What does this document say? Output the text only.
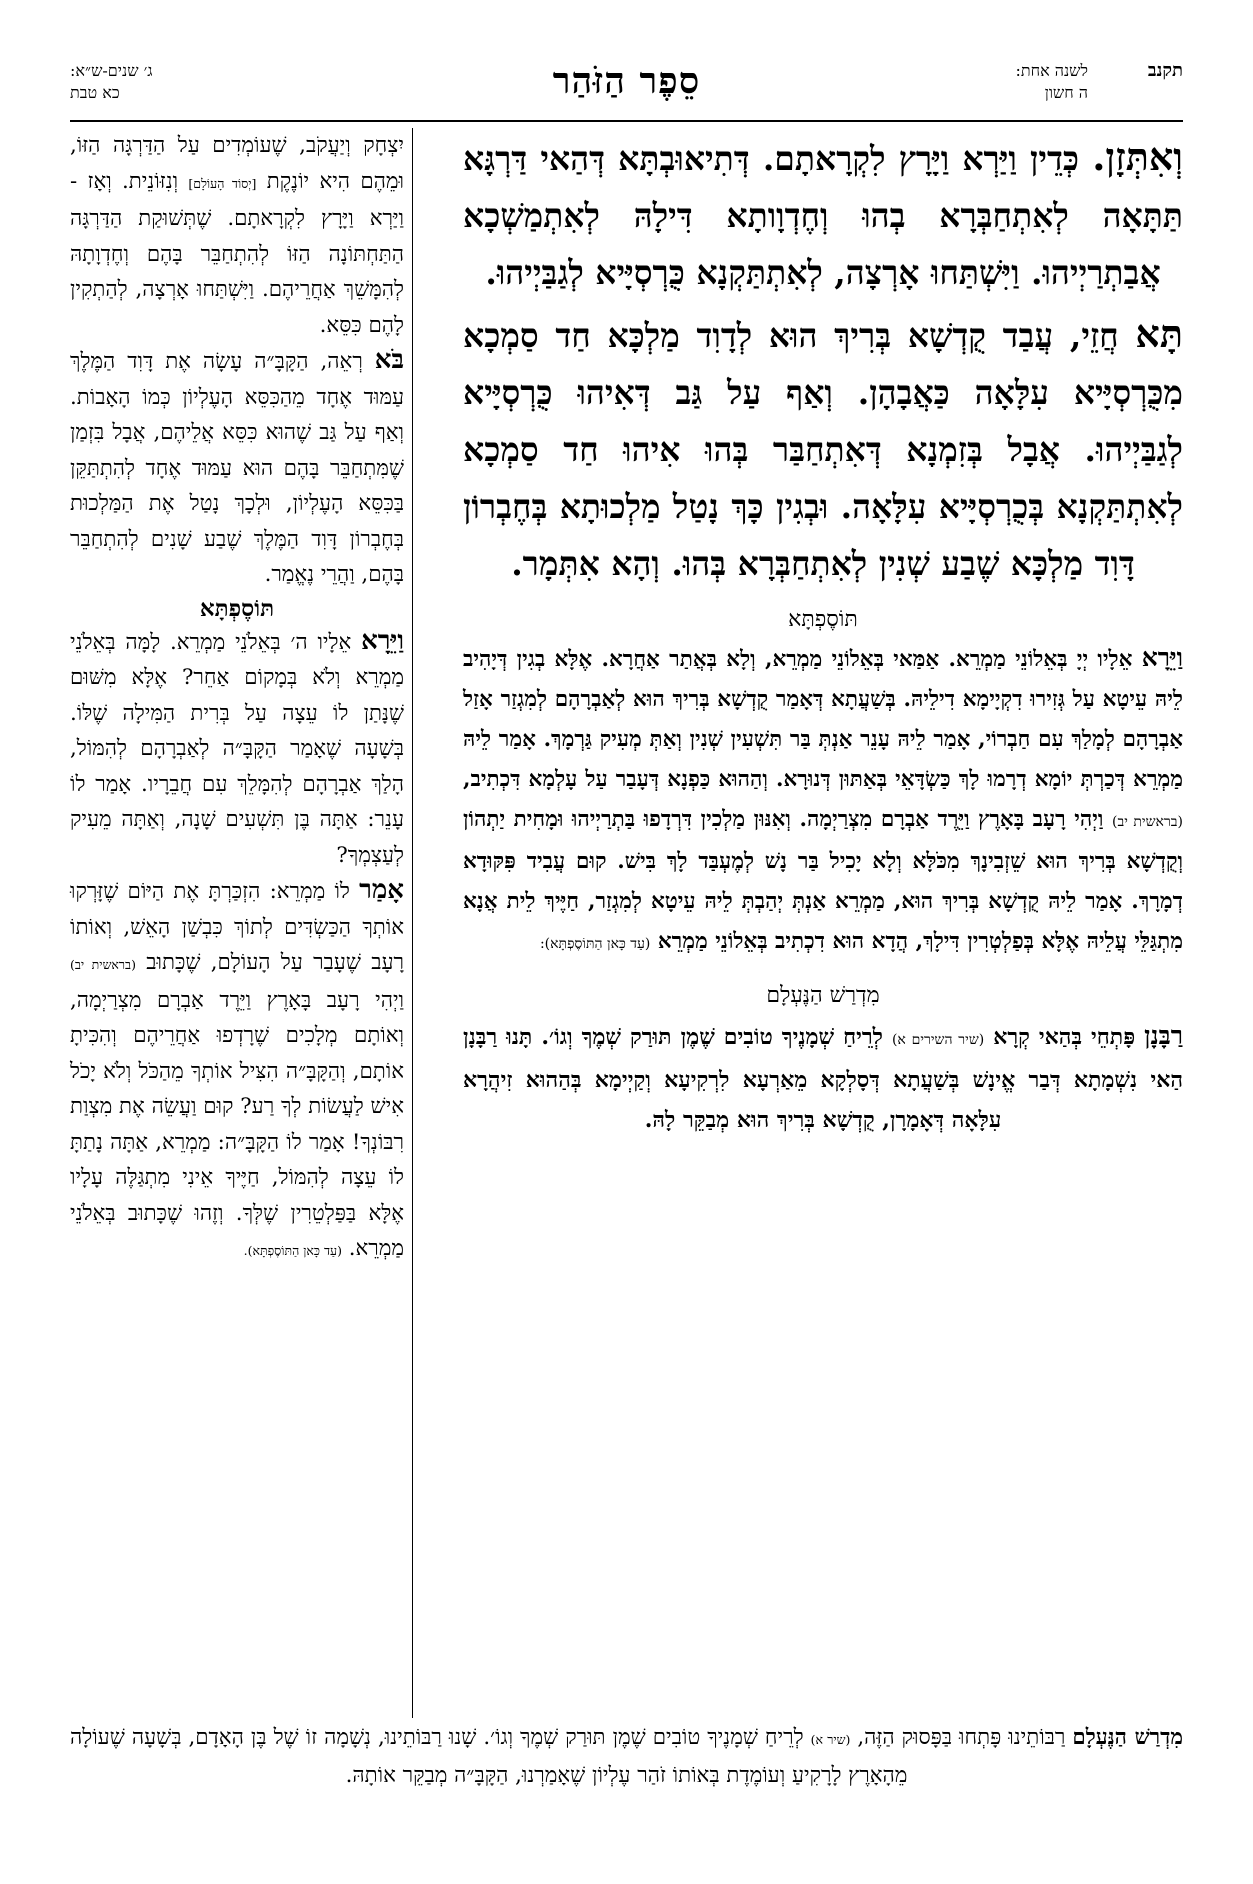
תקנב
לשנה אחת:
ה חשון
סֵפֶר הַזֹּהַר
ג׳ שנים-ש״א:
כא טבת

וְאִתְּזָן. כְּדֵין וַיַּרְא וַיָּרָץ לִקְרָאתָם. דְּתִיאוּבְתָּא דְּהַאי דַּרְגָּא תַּתָּאָה לְאִתְחַבְּרָא בְהוּ וְחֶדְוָותָא דִּילָהּ לְאִתְמַשְׁכָא אֲבַתְרַיְיהוּ. וַיִּשְׁתַּחוּ אָרְצָה, לְאִתְתַּקְנָא כֻּרְסְיָּיא לְגַבַּיְיהוּ.

תָּא חֲזֵי, עֲבַד קֻדְשָׁא בְּרִיךְ הוּא לְדָוִד מַלְכָּא חַד סַמְכָא מִכֻּרְסְיָּיא עִלָּאָה כַּאֲבָהָן. וְאַף עַל גַּב דְּאִיהוּ כֻּרְסְיָּיא לְגַבַּיְיהוּ. אֲבָל בְּזִמְנָא דְּאִתְחַבַּר בְּהוּ אִיהוּ חַד סַמְכָא לְאִתְתַּקְנָא בְּכֻרְסְיָּיא עִלָּאָה. וּבְגִין כָּךְ נָטַל מַלְכוּתָא בְּחֶבְרוֹן דָּוִד מַלְכָּא שֶׁבַע שְׁנִין לְאִתְחַבְּרָא בְּהוּ. וְהָא אִתְּמָר.

תּוֹסֶפְתָּא

וַיֵּרָא אֵלָיו יְיָ בְּאֵלוֹנֵי מַמְרֵא. אַמַּאי בְּאֵלוֹנֵי מַמְרֵא, וְלָא בְּאֲתַר אַחֲרָא. אֶלָּא בְגִין דְּיָהִיב לֵיהּ עֵיטָא עַל גְּזִירוּ דִקְיָימָא דִילֵיהּ. בְּשַׁעֲתָא דְּאָמַר קֻדְשָׁא בְּרִיךְ הוּא לְאַבְרָהָם לְמִגְזַר אָזַל אַבְרָהָם לְמָלַךְ עִם חַבְרוֹי, אָמַר לֵיהּ עָנֵר אַנְתְּ בַּר תִּשְׁעִין שְׁנִין וְאַתְּ מְעִיק גַּרְמָךְ. אָמַר לֵיהּ מַמְרֵא דְּכַרְתְּ יוֹמָא דְרָמוּ לָךְ כַּשְׂדָּאֵי בְּאַתּוּן דְּנוּרָא. וְהַהוּא כַּפְנָא דְּעָבַר עַל עָלְמָא דִּכְתִיב, (בראשית יב) וַיְהִי רָעָב בָּאָרֶץ וַיֵּרֶד אַבְרָם מִצְרַיְמָה. וְאִנּוּן מַלְכִין דִּרְדָפוּ בַּתְרַיְיהוּ וּמָחִית יַתְהוֹן וְקֻדְשָׁא בְּרִיךְ הוּא שֵׁזְבִינָךְ מִכֹּלָּא וְלָא יָכִיל בַּר נָשׁ לְמֶעְבַּד לָךְ בִּישׁ. קוּם עֲבִיד פִּקּוּדָא דְמָרָךְ. אָמַר לֵיהּ קֻדְשָׁא בְּרִיךְ הוּא, מַמְרֵא אַנְתְּ יְהַבְתְּ לֵיהּ עֵיטָא לְמִגְזַר, חַיֶּיךְ לֵית אֲנָא מִתְגַּלֵּי עֲלֵיהּ אֶלָּא בְּפַלְטְרִין דִּילָךְ, הֲדָא הוּא דִכְתִיב בְּאֵלוֹנֵי מַמְרֵא (עַד כָּאן הַתּוֹסֶפְתָּא):

מִדְרַשׁ הַנֶּעְלָם

רַבָּנָן פָּתְחֵי בְּהַאי קְרָא (שיר השירים א) לְרֵיחַ שְׁמָנֶיךָ טוֹבִים שֶׁמֶן תּוּרַק שְׁמֶךָ וְגוֹ׳. תָּנוּ רַבָּנָן הַאי נִשְׁמָתָא דְּבַר אֱינָשׁ בְּשַׁעֲתָא דְּסָלְקָא מֵאַרְעָא לִרְקִיעָא וְקַיְימָא בְּהַהוּא זִיהֲרָא עִלָּאָה דְּאָמָרָן, קֻדְשָׁא בְּרִיךְ הוּא מְבַקֵּר לָהּ.

יִצְחָק וְיַעֲקֹב, שֶׁעוֹמְדִים עַל הַדַּרְגָּה הַזּוֹ, וּמֵהֶם הִיא יוֹנֶקֶת [יְסוֹד הָעוֹלָם] וְנִזּוֹנֵית. וְאָז - וַיַּרְא וַיָּרָץ לִקְרָאתָם. שֶׁתְּשׁוּקַת הַדַּרְגָּה הַתַּחְתּוֹנָה הַזּוֹ לְהִתְחַבֵּר בָּהֶם וְחֶדְוָתָהּ לְהִמָּשֵׁךְ אַחֲרֵיהֶם. וַיִּשְׁתַּחוּ אָרְצָה, לְהַתְקִין לָהֶם כִּסֵּא.

בֹּא רְאֵה, הַקָּבָּ״ה עָשָׂה אֶת דָּוִד הַמֶּלֶךְ עַמּוּד אֶחָד מֵהַכִּסֵּא הָעֶלְיוֹן כְּמוֹ הָאָבוֹת. וְאַף עַל גַּב שֶׁהוּא כִּסֵּא אֲלֵיהֶם, אֲבָל בִּזְמַן שֶׁמִּתְחַבֵּר בָּהֶם הוּא עַמּוּד אֶחָד לְהִתְתַּקֵּן בַּכִּסֵּא הָעֶלְיוֹן, וּלְכָךְ נָטַל אֶת הַמַּלְכוּת בְּחֶבְרוֹן דָּוִד הַמֶּלֶךְ שֶׁבַע שָׁנִים לְהִתְחַבֵּר בָּהֶם, וַהֲרֵי נֶאֱמַר.

תּוֹסֶפְתָּא

וַיֵּרָא אֵלָיו ה׳ בְּאֵלֹנֵי מַמְרֵא. לָמָּה בְּאֵלֹנֵי מַמְרֵא וְלֹא בְּמָקוֹם אַחֵר? אֶלָּא מִשּׁוּם שֶׁנָּתַן לוֹ עֵצָה עַל בְּרִית הַמִּילָה שֶׁלּוֹ. בְּשָׁעָה שֶׁאָמַר הַקָּבָּ״ה לְאַבְרָהָם לְהִמּוֹל, הָלַךְ אַבְרָהָם לְהִמָּלֵךְ עִם חֲבֵרָיו. אָמַר לוֹ עָנֵר: אַתָּה בֶּן תִּשְׁעִים שָׁנָה, וְאַתָּה מֵעִיק לְעַצְמְךָ?

אָמַר לוֹ מַמְרֵא: הִזְכַּרְתָּ אֶת הַיּוֹם שֶׁזָּרְקוּ אוֹתְךָ הַכַּשְׂדִּים לְתוֹךְ כִּבְשַׁן הָאֵשׁ, וְאוֹתוֹ רָעָב שֶׁעָבַר עַל הָעוֹלָם, שֶׁכָּתוּב (בראשית יב) וַיְהִי רָעָב בָּאָרֶץ וַיֵּרֶד אַבְרָם מִצְרַיְמָה, וְאוֹתָם מְלָכִים שֶׁרָדְפוּ אַחֲרֵיהֶם וְהִכִּיתָ אוֹתָם, וְהַקָּבָּ״ה הִצִּיל אוֹתְךָ מֵהַכֹּל וְלֹא יָכֹל אִישׁ לַעֲשׂוֹת לְךָ רַע? קוּם וַעֲשֵׂה אֶת מִצְוַת רִבּוֹנְךָ! אָמַר לוֹ הַקָּבָּ״ה: מַמְרֵא, אַתָּה נָתַתָּ לוֹ עֵצָה לְהִמּוֹל, חַיֶּיךָ אֵינִי מִתְגַּלֶּה עָלָיו אֶלָּא בַּפַּלְטֵרִין שֶׁלְּךָ. וְזֶהוּ שֶׁכָּתוּב בְּאֵלֹנֵי מַמְרֵא. (עַד כָּאן הַתּוֹסֶפְתָּא).

מִדְרַשׁ הַנֶּעְלָם רַבּוֹתֵינוּ פָּתְחוּ בַּפָּסוּק הַזֶּה, (שיר א) לְרֵיחַ שְׁמָנֶיךָ טוֹבִים שֶׁמֶן תּוּרַק שְׁמֶךָ וְגוֹ׳. שָׁנוּ רַבּוֹתֵינוּ, נְשָׁמָה זוֹ שֶׁל בֶּן הָאָדָם, בְּשָׁעָה שֶׁעוֹלָה מֵהָאָרֶץ לָרָקִיעַ וְעוֹמֶדֶת בְּאוֹתוֹ זֹהַר עֶלְיוֹן שֶׁאָמַרְנוּ, הַקָּבָּ״ה מְבַקֵּר אוֹתָהּ.
